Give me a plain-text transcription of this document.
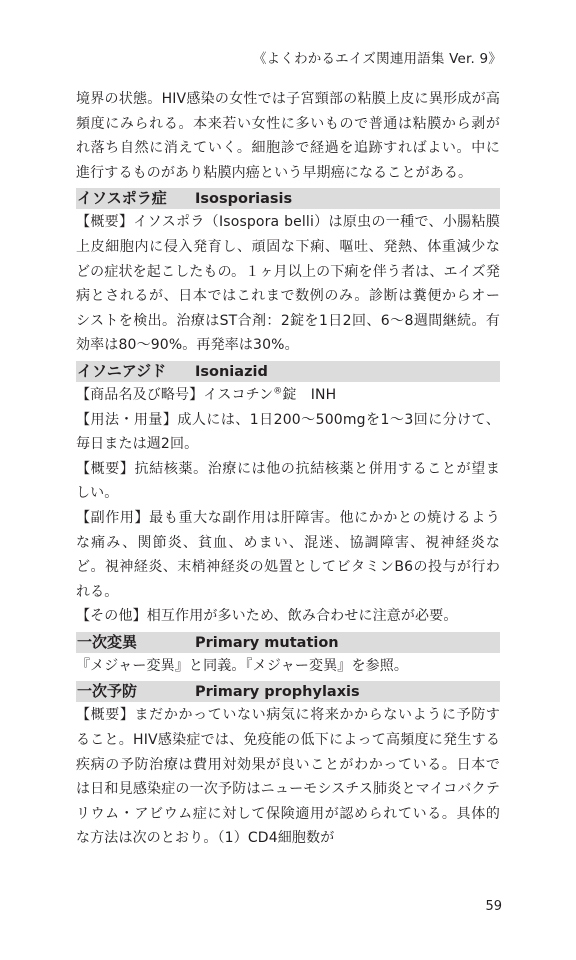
《よくわかるエイズ関連用語集 Ver. 9》

境界の状態。HIV感染の女性では子宮頸部の粘膜上皮に異形成が高頻度にみられる。本来若い女性に多いもので普通は粘膜から剥がれ落ち自然に消えていく。細胞診で経過を追跡すればよい。中に進行するものがあり粘膜内癌という早期癌になることがある。

イソスポラ症 Isosporiasis

【概要】イソスポラ（Isospora belli）は原虫の一種で、小腸粘膜上皮細胞内に侵入発育し、頑固な下痢、嘔吐、発熱、体重減少などの症状を起こしたもの。１ヶ月以上の下痢を伴う者は、エイズ発病とされるが、日本ではこれまで数例のみ。診断は糞便からオーシストを検出。治療はST合剤：2錠を1日2回、6～8週間継続。有効率は80～90%。再発率は30%。

イソニアジド Isoniazid

【商品名及び略号】イスコチン®錠　INH

【用法・用量】成人には、1日200～500mgを1～3回に分けて、毎日または週2回。

【概要】抗結核薬。治療には他の抗結核薬と併用することが望ましい。

【副作用】最も重大な副作用は肝障害。他にかかとの焼けるような痛み、関節炎、貧血、めまい、混迷、協調障害、視神経炎など。視神経炎、末梢神経炎の処置としてビタミンB6の投与が行われる。

【その他】相互作用が多いため、飲み合わせに注意が必要。

一次変異	Primary mutation

『メジャー変異』と同義。『メジャー変異』を参照。

一次予防	Primary prophylaxis

【概要】まだかかっていない病気に将来かからないように予防すること。HIV感染症では、免疫能の低下によって高頻度に発生する疾病の予防治療は費用対効果が良いことがわかっている。日本では日和見感染症の一次予防はニューモシスチス肺炎とマイコバクテリウム・アビウム症に対して保険適用が認められている。具体的な方法は次のとおり。（1）CD4細胞数が

59
